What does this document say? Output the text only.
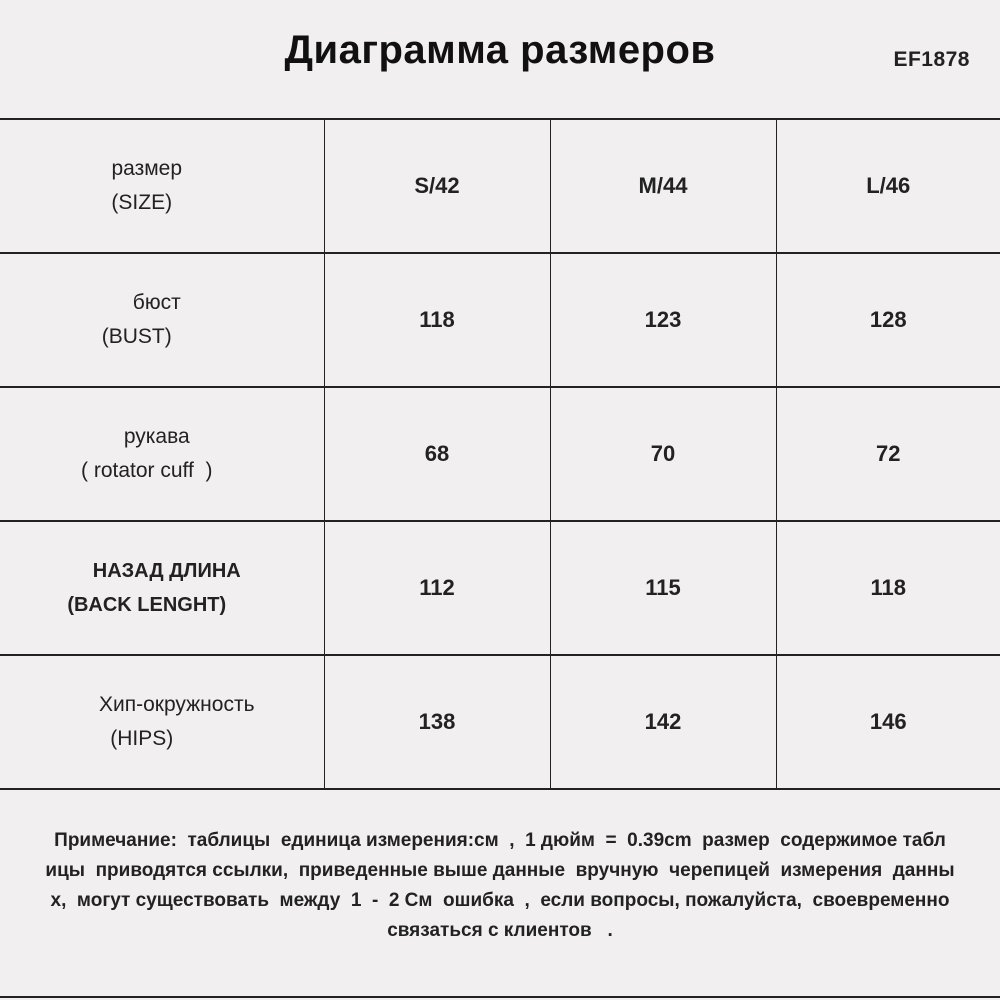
Диаграмма размеров	EF1878
размер
(SIZE)	S/42	M/44	L/46

бюст
(BUST)	118	123	128

рукава
( rotator cuff  )	68	70	72

НАЗАД ДЛИНА
(BACK LENGHT)	112	115	118

Хип-окружность
(HIPS)	138	142	146
Примечание:  таблицы  единица измерения:см  ,  1 дюйм  =  0.39cm  размер  содержимое табл
ицы  приводятся ссылки,  приведенные выше данные  вручную  черепицей  измерения  данны
х,  могут существовать  между  1  -  2 См  ошибка  ,  если вопросы, пожалуйста,  своевременно
связаться с клиентов   .
